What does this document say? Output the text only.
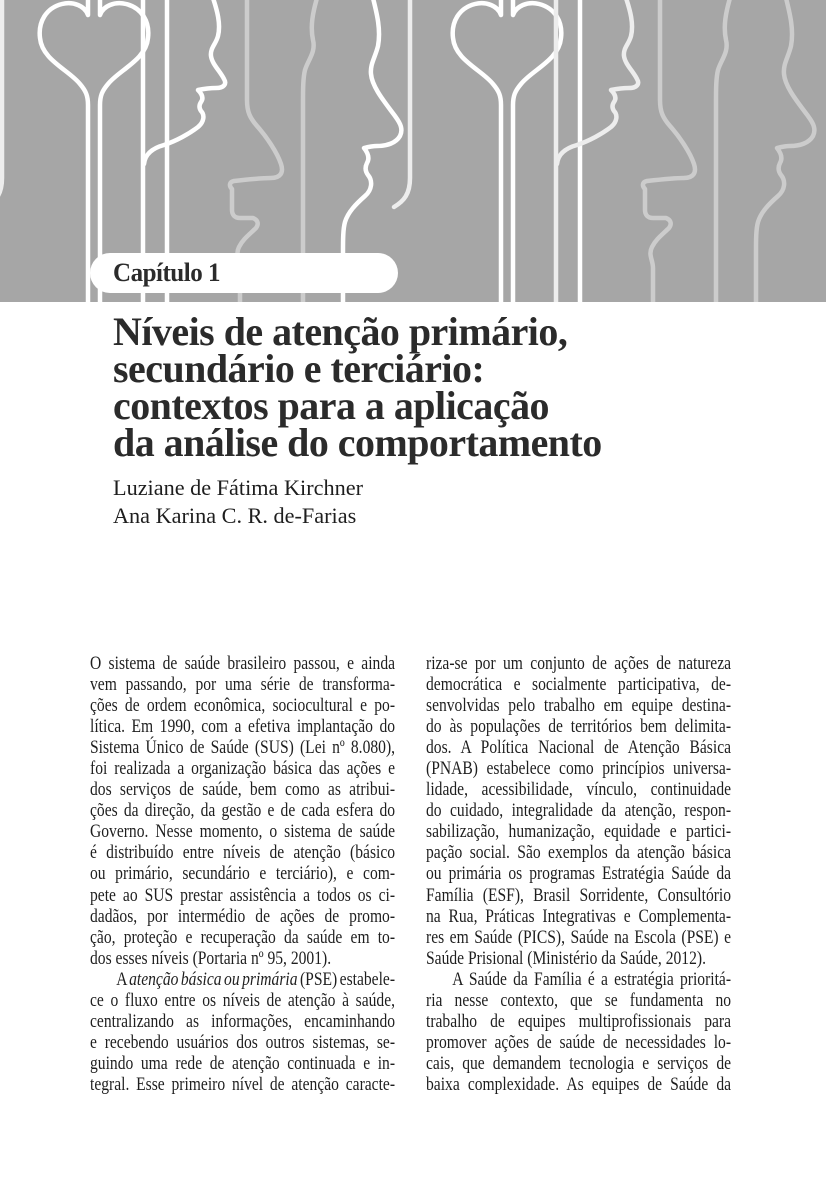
Capítulo 1
Níveis de atenção primário,
secundário e terciário:
contextos para a aplicação
da análise do comportamento
Luziane de Fátima Kirchner
Ana Karina C. R. de-Farias
O sistema de saúde brasileiro passou, e ainda
vem passando, por uma série de transforma-
ções de ordem econômica, sociocultural e po-
lítica. Em 1990, com a efetiva implantação do
Sistema Único de Saúde (SUS) (Lei nº 8.080),
foi realizada a organização básica das ações e
dos serviços de saúde, bem como as atribui-
ções da direção, da gestão e de cada esfera do
Governo. Nesse momento, o sistema de saúde
é distribuído entre níveis de atenção (básico
ou primário, secundário e terciário), e com-
pete ao SUS prestar assistência a todos os ci-
dadãos, por intermédio de ações de promo-
ção, proteção e recuperação da saúde em to-
dos esses níveis (Portaria nº 95, 2001).
A atenção básica ou primária (PSE) estabele-
ce o fluxo entre os níveis de atenção à saúde,
centralizando as informações, encaminhando
e recebendo usuários dos outros sistemas, se-
guindo uma rede de atenção continuada e in-
tegral. Esse primeiro nível de atenção caracte-
riza-se por um conjunto de ações de natureza
democrática e socialmente participativa, de-
senvolvidas pelo trabalho em equipe destina-
do às populações de territórios bem delimita-
dos. A Política Nacional de Atenção Básica
(PNAB) estabelece como princípios universa-
lidade, acessibilidade, vínculo, continuidade
do cuidado, integralidade da atenção, respon-
sabilização, humanização, equidade e partici-
pação social. São exemplos da atenção básica
ou primária os programas Estratégia Saúde da
Família (ESF), Brasil Sorridente, Consultório
na Rua, Práticas Integrativas e Complementa-
res em Saúde (PICS), Saúde na Escola (PSE) e
Saúde Prisional (Ministério da Saúde, 2012).
A Saúde da Família é a estratégia prioritá-
ria nesse contexto, que se fundamenta no
trabalho de equipes multiprofissionais para
promover ações de saúde de necessidades lo-
cais, que demandem tecnologia e serviços de
baixa complexidade. As equipes de Saúde da
